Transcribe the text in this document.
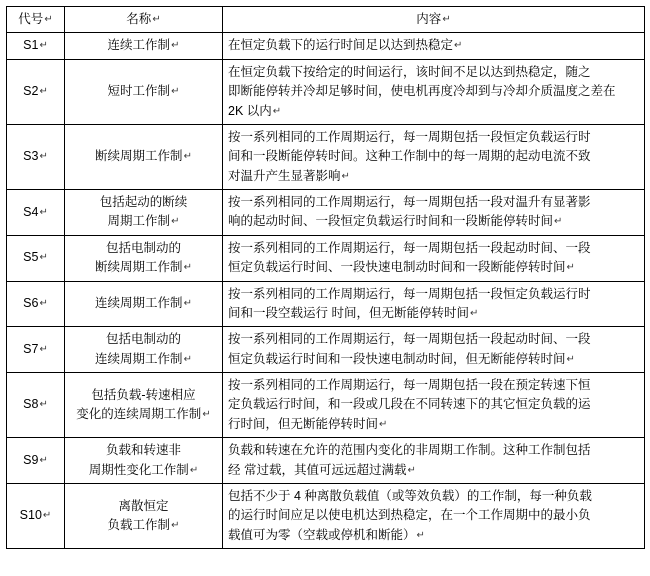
代号↵	名称↵	内容↵
S1↵	连续工作制↵	在恒定负载下的运行时间足以达到热稳定↵

S2↵	短时工作制↵	在恒定负载下按给定的时间运行，该时间不足以达到热稳定，随之
即断能停转并冷却足够时间，使电机再度冷却到与冷却介质温度之差在
2K 以内↵

S3↵	断续周期工作制↵	按一系列相同的工作周期运行，每一周期包括一段恒定负载运行时
间和一段断能停转时间。这种工作制中的每一周期的起动电流不致
对温升产生显著影响↵

S4↵	包括起动的断续
周期工作制↵	按一系列相同的工作周期运行，每一周期包括一段对温升有显著影
响的起动时间、一段恒定负载运行时间和一段断能停转时间↵

S5↵	包括电制动的
断续周期工作制↵	按一系列相同的工作周期运行，每一周期包括一段起动时间、一段
恒定负载运行时间、一段快速电制动时间和一段断能停转时间↵

S6↵	连续周期工作制↵	按一系列相同的工作周期运行，每一周期包括一段恒定负载运行时
间和一段空载运行 时间，但无断能停转时间↵

S7↵	包括电制动的
连续周期工作制↵	按一系列相同的工作周期运行，每一周期包括一段起动时间、一段
恒定负载运行时间和一段快速电制动时间，但无断能停转时间↵

S8↵	包括负载-转速相应
变化的连续周期工作制↵	按一系列相同的工作周期运行，每一周期包括一段在预定转速下恒
定负载运行时间，和一段或几段在不同转速下的其它恒定负载的运
行时间，但无断能停转时间↵

S9↵	负载和转速非
周期性变化工作制↵	负载和转速在允许的范围内变化的非周期工作制。这种工作制包括
经 常过载，其值可远远超过满载↵

S10↵	离散恒定
负载工作制↵	包括不少于 4 种离散负载值（或等效负载）的工作制，每一种负载
的运行时间应足以使电机达到热稳定，在一个工作周期中的最小负
载值可为零（空载或停机和断能）↵
